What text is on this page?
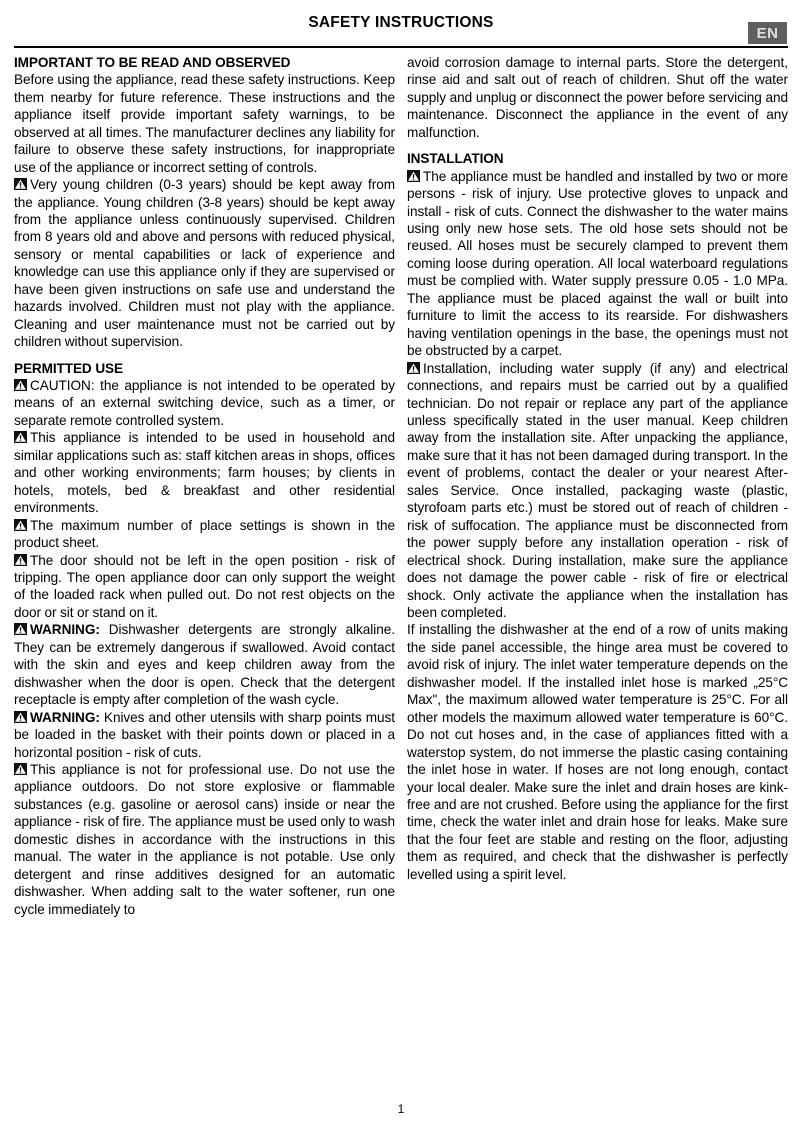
SAFETY INSTRUCTIONS
EN
IMPORTANT TO BE READ AND OBSERVED

Before using the appliance, read these safety instructions. Keep them nearby for future reference. These instructions and the appliance itself provide important safety warnings, to be observed at all times. The manufacturer declines any liability for failure to observe these safety instructions, for inappropriate use of the appliance or incorrect setting of controls.

Very young children (0-3 years) should be kept away from the appliance. Young children (3-8 years) should be kept away from the appliance unless continuously supervised. Children from 8 years old and above and persons with reduced physical, sensory or mental capabilities or lack of experience and knowledge can use this appliance only if they are supervised or have been given instructions on safe use and understand the hazards involved. Children must not play with the appliance. Cleaning and user maintenance must not be carried out by children without supervision.

PERMITTED USE

CAUTION: the appliance is not intended to be operated by means of an external switching device, such as a timer, or separate remote controlled system.

This appliance is intended to be used in household and similar applications such as: staff kitchen areas in shops, offices and other working environments; farm houses; by clients in hotels, motels, bed & breakfast and other residential environments.

The maximum number of place settings is shown in the product sheet.

The door should not be left in the open position - risk of tripping. The open appliance door can only support the weight of the loaded rack when pulled out. Do not rest objects on the door or sit or stand on it.

WARNING: Dishwasher detergents are strongly alkaline. They can be extremely dangerous if swallowed. Avoid contact with the skin and eyes and keep children away from the dishwasher when the door is open. Check that the detergent receptacle is empty after completion of the wash cycle.

WARNING: Knives and other utensils with sharp points must be loaded in the basket with their points down or placed in a horizontal position - risk of cuts.

This appliance is not for professional use. Do not use the appliance outdoors. Do not store explosive or flammable substances (e.g. gasoline or aerosol cans) inside or near the appliance - risk of fire. The appliance must be used only to wash domestic dishes in accordance with the instructions in this manual. The water in the appliance is not potable. Use only detergent and rinse additives designed for an automatic dishwasher. When adding salt to the water softener, run one cycle immediately to

avoid corrosion damage to internal parts. Store the detergent, rinse aid and salt out of reach of children. Shut off the water supply and unplug or disconnect the power before servicing and maintenance. Disconnect the appliance in the event of any malfunction.

INSTALLATION

The appliance must be handled and installed by two or more persons - risk of injury. Use protective gloves to unpack and install - risk of cuts. Connect the dishwasher to the water mains using only new hose sets. The old hose sets should not be reused. All hoses must be securely clamped to prevent them coming loose during operation. All local waterboard regulations must be complied with. Water supply pressure 0.05 - 1.0 MPa. The appliance must be placed against the wall or built into furniture to limit the access to its rearside. For dishwashers having ventilation openings in the base, the openings must not be obstructed by a carpet.

Installation, including water supply (if any) and electrical connections, and repairs must be carried out by a qualified technician. Do not repair or replace any part of the appliance unless specifically stated in the user manual. Keep children away from the installation site. After unpacking the appliance, make sure that it has not been damaged during transport. In the event of problems, contact the dealer or your nearest After-sales Service. Once installed, packaging waste (plastic, styrofoam parts etc.) must be stored out of reach of children - risk of suffocation. The appliance must be disconnected from the power supply before any installation operation - risk of electrical shock. During installation, make sure the appliance does not damage the power cable - risk of fire or electrical shock. Only activate the appliance when the installation has been completed.

If installing the dishwasher at the end of a row of units making the side panel accessible, the hinge area must be covered to avoid risk of injury. The inlet water temperature depends on the dishwasher model. If the installed inlet hose is marked „25°C Max", the maximum allowed water temperature is 25°C. For all other models the maximum allowed water temperature is 60°C. Do not cut hoses and, in the case of appliances fitted with a waterstop system, do not immerse the plastic casing containing the inlet hose in water. If hoses are not long enough, contact your local dealer. Make sure the inlet and drain hoses are kink-free and are not crushed. Before using the appliance for the first time, check the water inlet and drain hose for leaks. Make sure that the four feet are stable and resting on the floor, adjusting them as required, and check that the dishwasher is perfectly levelled using a spirit level.

1
